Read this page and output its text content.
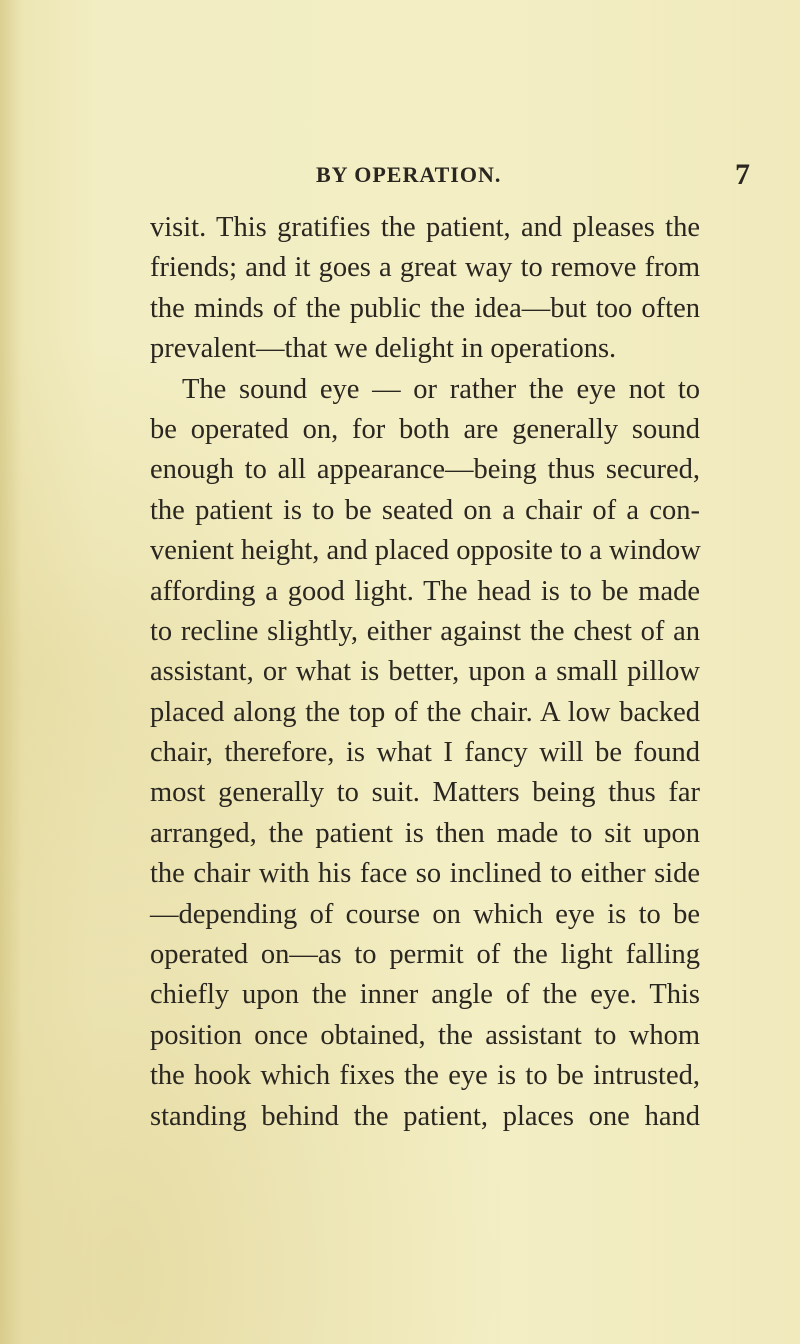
BY OPERATION.	7

visit. This gratifies the patient, and pleases the

friends; and it goes a great way to remove from

the minds of the public the idea—but too often

prevalent—that we delight in operations.

The sound eye — or rather the eye not to

be operated on, for both are generally sound

enough to all appearance—being thus secured,

the patient is to be seated on a chair of a con-

venient height, and placed opposite to a window

affording a good light. The head is to be made

to recline slightly, either against the chest of an

assistant, or what is better, upon a small pillow

placed along the top of the chair. A low backed

chair, therefore, is what I fancy will be found

most generally to suit. Matters being thus far

arranged, the patient is then made to sit upon

the chair with his face so inclined to either side

—depending of course on which eye is to be

operated on—as to permit of the light falling

chiefly upon the inner angle of the eye. This

position once obtained, the assistant to whom

the hook which fixes the eye is to be intrusted,

standing behind the patient, places one hand
